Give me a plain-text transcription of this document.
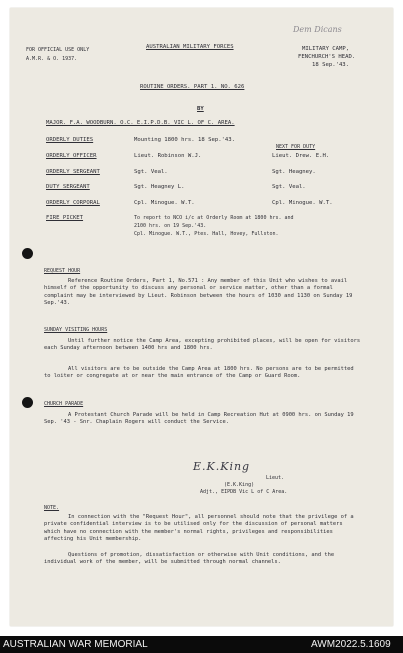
Dem Dicans
FOR OFFICIAL USE ONLY
A.M.R. & O. 1937.
AUSTRALIAN MILITARY FORCES	MILITARY CAMP,
FENCHURCH'S HEAD.
18 Sep.'43.
ROUTINE ORDERS. PART 1. NO. 626
BY
MAJOR. F.A. WOODBURN. O.C. E.I.P.D.B. VIC L. OF C. AREA.
ORDERLY DUTIES	Mounting 1800 hrs. 18 Sep.'43.
NEXT FOR DUTY
ORDERLY OFFICER	Lieut. Robinson W.J.	Lieut. Drew. E.H.
ORDERLY SERGEANT	Sgt. Veal.	Sgt. Heagney.
DUTY SERGEANT	Sgt. Heagney L.	Sgt. Veal.
ORDERLY CORPORAL	Cpl. Minogue. W.T.	Cpl. Minogue. W.T.
FIRE PICKET	To report to NCO i/c at Orderly Room at 1800 hrs. and
2100 hrs. on 19 Sep.'43.
Cpl. Minogue. W.T., Ptes. Hall, Hovey, Fullston.
REQUEST HOUR
Reference Routine Orders, Part 1, No.571 : Any member of this Unit who wishes to avail himself of the opportunity to discuss any personal or service matter, other than a formal complaint may be interviewed by Lieut. Robinson between the hours of 1030 and 1130 on Sunday 19 Sep.'43.
SUNDAY VISITING HOURS
Until further notice the Camp Area, excepting prohibited places, will be open for visitors each Sunday afternoon between 1400 hrs and 1800 hrs.
All visitors are to be outside the Camp Area at 1800 hrs. No persons are to be permitted to loiter or congregate at or near the main entrance of the Camp or Guard Room.
CHURCH PARADE
A Protestant Church Parade will be held in Camp Recreation Hut at 0900 hrs. on Sunday 19 Sep. '43 - Snr. Chaplain Rogers will conduct the Service.
E.K.King
Lieut.
(E.K.King)
Adjt., EIPDB Vic L of C Area.
NOTE.
In connection with the "Request Hour", all personnel should note that the privilege of a private confidential interview is to be utilised only for the discussion of personal matters which have no connection with the member's normal rights, privileges and responsibilities affecting his Unit membership.
Questions of promotion, dissatisfaction or otherwise with Unit conditions, and the individual work of the member, will be submitted through normal channels.
AUSTRALIAN WAR MEMORIAL	AWM2022.5.1609
